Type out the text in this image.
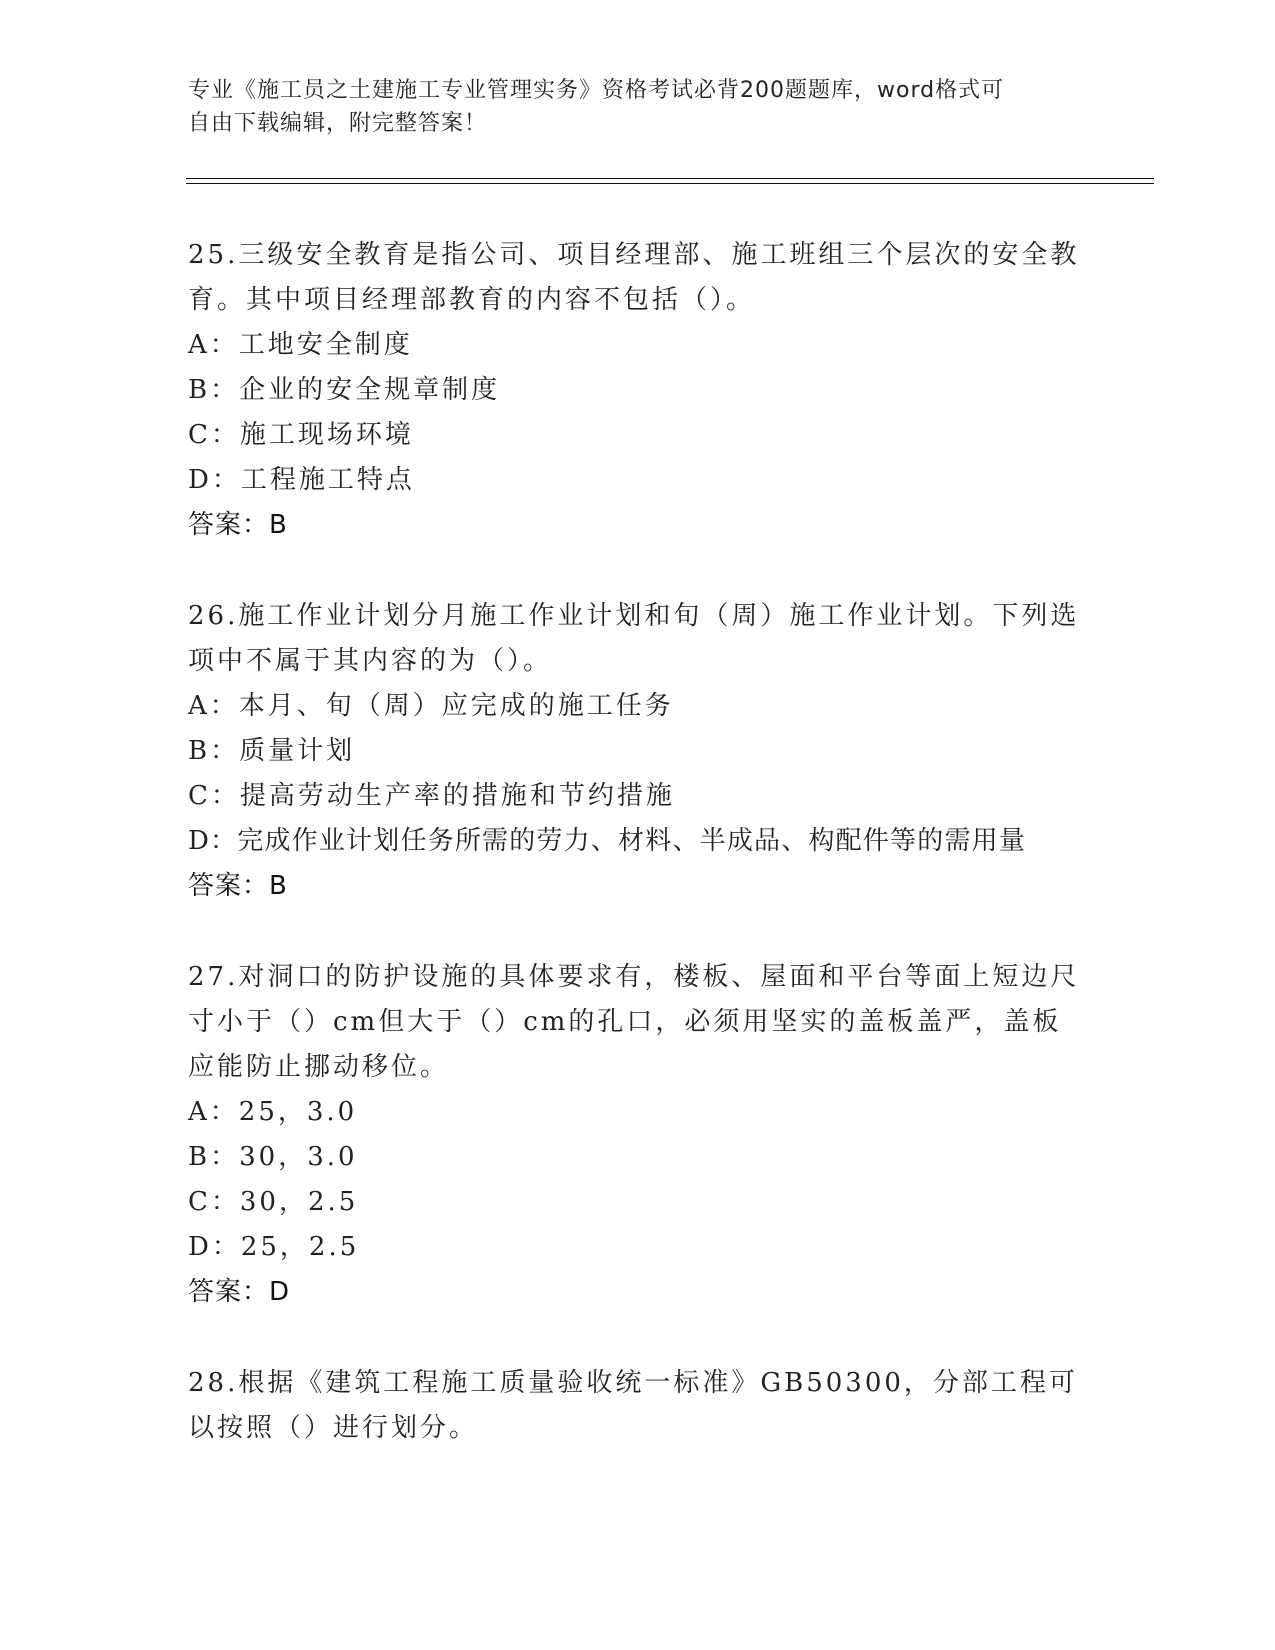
专业《施工员之土建施工专业管理实务》资格考试必背200题题库，word格式可
自由下载编辑，附完整答案！

25.三级安全教育是指公司、项目经理部、施工班组三个层次的安全教育。其中项目经理部教育的内容不包括（）。

A：工地安全制度

B：企业的安全规章制度

C：施工现场环境

D：工程施工特点

答案：B

26.施工作业计划分月施工作业计划和旬（周）施工作业计划。下列选项中不属于其内容的为（）。

A：本月、旬（周）应完成的施工任务

B：质量计划

C：提高劳动生产率的措施和节约措施

D：完成作业计划任务所需的劳力、材料、半成品、构配件等的需用量

答案：B

27.对洞口的防护设施的具体要求有，楼板、屋面和平台等面上短边尺寸小于（）cm但大于（）cm的孔口，必须用坚实的盖板盖严，盖板应能防止挪动移位。

A：25，3.0

B：30，3.0

C：30，2.5

D：25，2.5

答案：D

28.根据《建筑工程施工质量验收统一标准》GB50300，分部工程可以按照（）进行划分。
